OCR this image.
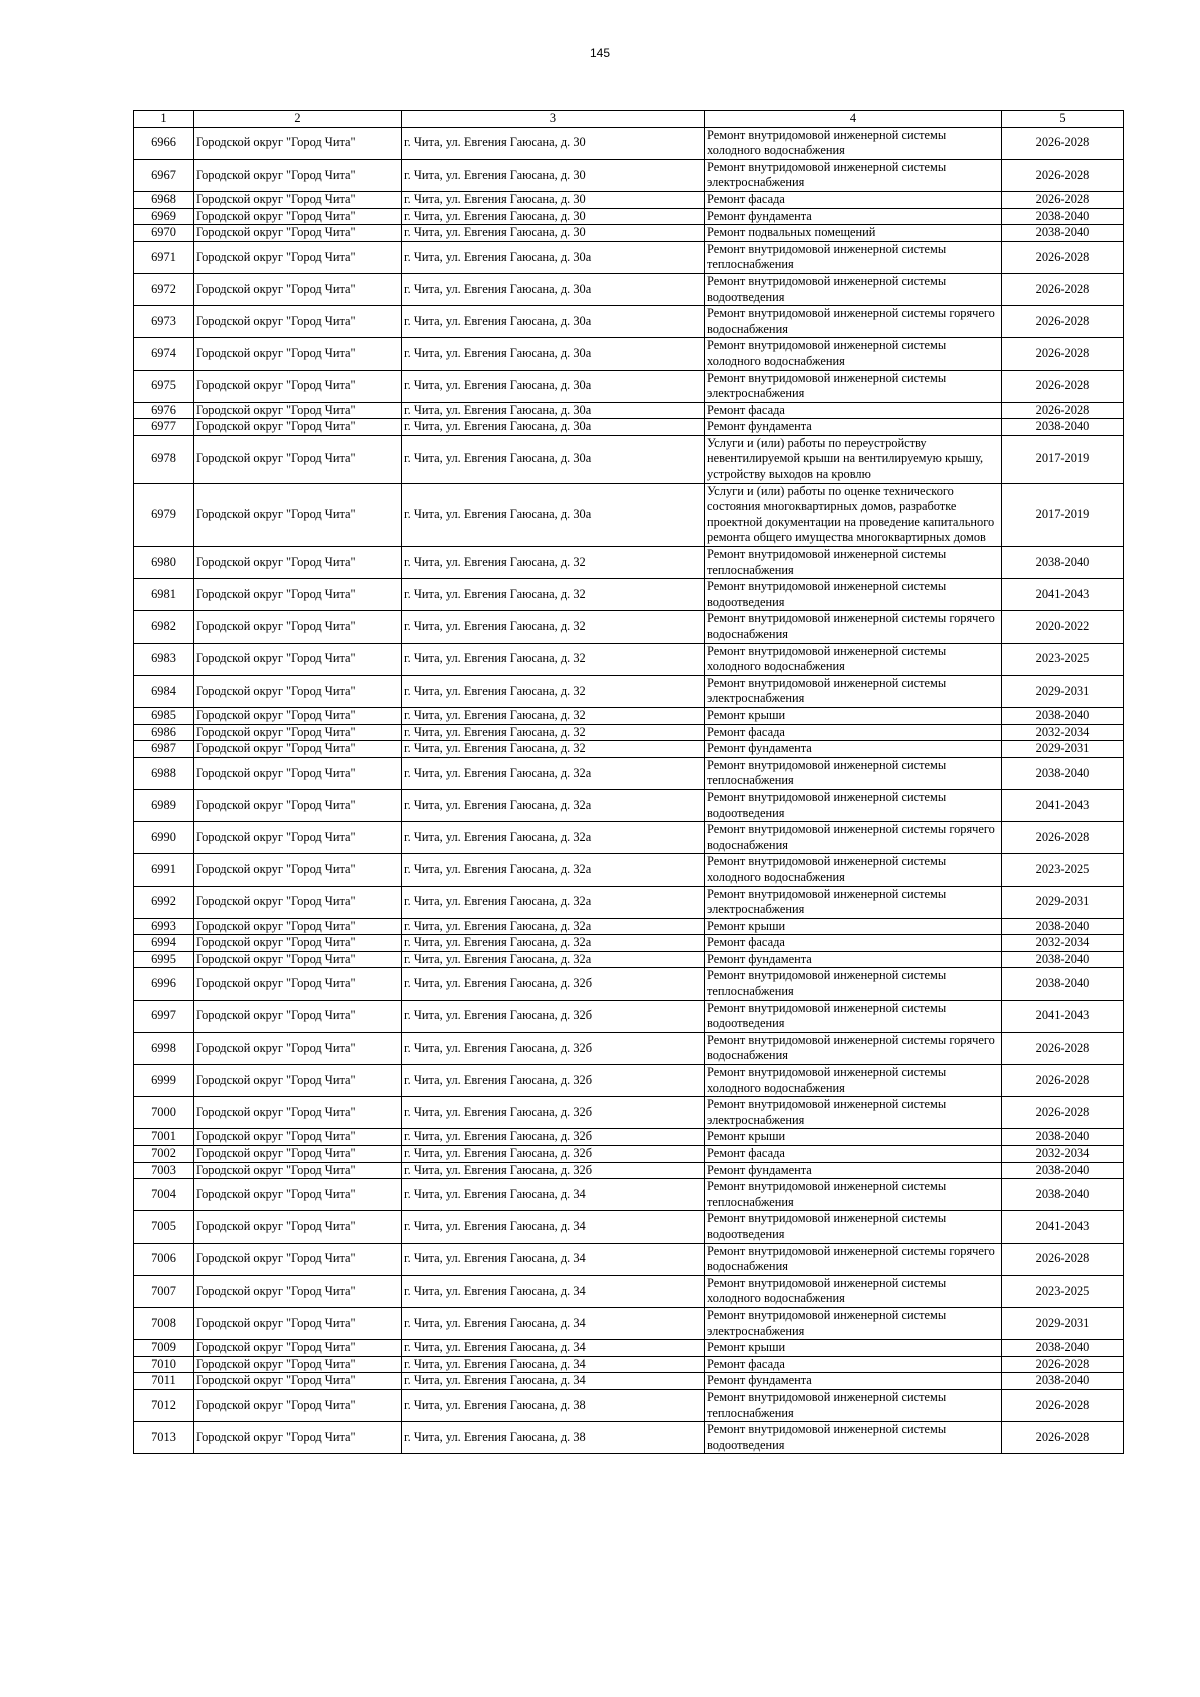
145
1	2	3	4	5
6966	Городской округ "Город Чита"	г. Чита, ул. Евгения Гаюсана, д. 30	Ремонт внутридомовой инженерной системы холодного водоснабжения	2026-2028
6967	Городской округ "Город Чита"	г. Чита, ул. Евгения Гаюсана, д. 30	Ремонт внутридомовой инженерной системы электроснабжения	2026-2028
6968	Городской округ "Город Чита"	г. Чита, ул. Евгения Гаюсана, д. 30	Ремонт фасада	2026-2028
6969	Городской округ "Город Чита"	г. Чита, ул. Евгения Гаюсана, д. 30	Ремонт фундамента	2038-2040
6970	Городской округ "Город Чита"	г. Чита, ул. Евгения Гаюсана, д. 30	Ремонт подвальных помещений	2038-2040
6971	Городской округ "Город Чита"	г. Чита, ул. Евгения Гаюсана, д. 30а	Ремонт внутридомовой инженерной системы теплоснабжения	2026-2028
6972	Городской округ "Город Чита"	г. Чита, ул. Евгения Гаюсана, д. 30а	Ремонт внутридомовой инженерной системы водоотведения	2026-2028
6973	Городской округ "Город Чита"	г. Чита, ул. Евгения Гаюсана, д. 30а	Ремонт внутридомовой инженерной системы горячего водоснабжения	2026-2028
6974	Городской округ "Город Чита"	г. Чита, ул. Евгения Гаюсана, д. 30а	Ремонт внутридомовой инженерной системы холодного водоснабжения	2026-2028
6975	Городской округ "Город Чита"	г. Чита, ул. Евгения Гаюсана, д. 30а	Ремонт внутридомовой инженерной системы электроснабжения	2026-2028
6976	Городской округ "Город Чита"	г. Чита, ул. Евгения Гаюсана, д. 30а	Ремонт фасада	2026-2028
6977	Городской округ "Город Чита"	г. Чита, ул. Евгения Гаюсана, д. 30а	Ремонт фундамента	2038-2040
6978	Городской округ "Город Чита"	г. Чита, ул. Евгения Гаюсана, д. 30а	Услуги и (или) работы по переустройству невентилируемой крыши на вентилируемую крышу, устройству выходов на кровлю	2017-2019
6979	Городской округ "Город Чита"	г. Чита, ул. Евгения Гаюсана, д. 30а	Услуги и (или) работы по оценке технического состояния многоквартирных домов, разработке проектной документации на проведение капитального ремонта общего имущества многоквартирных домов	2017-2019
6980	Городской округ "Город Чита"	г. Чита, ул. Евгения Гаюсана, д. 32	Ремонт внутридомовой инженерной системы теплоснабжения	2038-2040
6981	Городской округ "Город Чита"	г. Чита, ул. Евгения Гаюсана, д. 32	Ремонт внутридомовой инженерной системы водоотведения	2041-2043
6982	Городской округ "Город Чита"	г. Чита, ул. Евгения Гаюсана, д. 32	Ремонт внутридомовой инженерной системы горячего водоснабжения	2020-2022
6983	Городской округ "Город Чита"	г. Чита, ул. Евгения Гаюсана, д. 32	Ремонт внутридомовой инженерной системы холодного водоснабжения	2023-2025
6984	Городской округ "Город Чита"	г. Чита, ул. Евгения Гаюсана, д. 32	Ремонт внутридомовой инженерной системы электроснабжения	2029-2031
6985	Городской округ "Город Чита"	г. Чита, ул. Евгения Гаюсана, д. 32	Ремонт крыши	2038-2040
6986	Городской округ "Город Чита"	г. Чита, ул. Евгения Гаюсана, д. 32	Ремонт фасада	2032-2034
6987	Городской округ "Город Чита"	г. Чита, ул. Евгения Гаюсана, д. 32	Ремонт фундамента	2029-2031
6988	Городской округ "Город Чита"	г. Чита, ул. Евгения Гаюсана, д. 32а	Ремонт внутридомовой инженерной системы теплоснабжения	2038-2040
6989	Городской округ "Город Чита"	г. Чита, ул. Евгения Гаюсана, д. 32а	Ремонт внутридомовой инженерной системы водоотведения	2041-2043
6990	Городской округ "Город Чита"	г. Чита, ул. Евгения Гаюсана, д. 32а	Ремонт внутридомовой инженерной системы горячего водоснабжения	2026-2028
6991	Городской округ "Город Чита"	г. Чита, ул. Евгения Гаюсана, д. 32а	Ремонт внутридомовой инженерной системы холодного водоснабжения	2023-2025
6992	Городской округ "Город Чита"	г. Чита, ул. Евгения Гаюсана, д. 32а	Ремонт внутридомовой инженерной системы электроснабжения	2029-2031
6993	Городской округ "Город Чита"	г. Чита, ул. Евгения Гаюсана, д. 32а	Ремонт крыши	2038-2040
6994	Городской округ "Город Чита"	г. Чита, ул. Евгения Гаюсана, д. 32а	Ремонт фасада	2032-2034
6995	Городской округ "Город Чита"	г. Чита, ул. Евгения Гаюсана, д. 32а	Ремонт фундамента	2038-2040
6996	Городской округ "Город Чита"	г. Чита, ул. Евгения Гаюсана, д. 32б	Ремонт внутридомовой инженерной системы теплоснабжения	2038-2040
6997	Городской округ "Город Чита"	г. Чита, ул. Евгения Гаюсана, д. 32б	Ремонт внутридомовой инженерной системы водоотведения	2041-2043
6998	Городской округ "Город Чита"	г. Чита, ул. Евгения Гаюсана, д. 32б	Ремонт внутридомовой инженерной системы горячего водоснабжения	2026-2028
6999	Городской округ "Город Чита"	г. Чита, ул. Евгения Гаюсана, д. 32б	Ремонт внутридомовой инженерной системы холодного водоснабжения	2026-2028
7000	Городской округ "Город Чита"	г. Чита, ул. Евгения Гаюсана, д. 32б	Ремонт внутридомовой инженерной системы электроснабжения	2026-2028
7001	Городской округ "Город Чита"	г. Чита, ул. Евгения Гаюсана, д. 32б	Ремонт крыши	2038-2040
7002	Городской округ "Город Чита"	г. Чита, ул. Евгения Гаюсана, д. 32б	Ремонт фасада	2032-2034
7003	Городской округ "Город Чита"	г. Чита, ул. Евгения Гаюсана, д. 32б	Ремонт фундамента	2038-2040
7004	Городской округ "Город Чита"	г. Чита, ул. Евгения Гаюсана, д. 34	Ремонт внутридомовой инженерной системы теплоснабжения	2038-2040
7005	Городской округ "Город Чита"	г. Чита, ул. Евгения Гаюсана, д. 34	Ремонт внутридомовой инженерной системы водоотведения	2041-2043
7006	Городской округ "Город Чита"	г. Чита, ул. Евгения Гаюсана, д. 34	Ремонт внутридомовой инженерной системы горячего водоснабжения	2026-2028
7007	Городской округ "Город Чита"	г. Чита, ул. Евгения Гаюсана, д. 34	Ремонт внутридомовой инженерной системы холодного водоснабжения	2023-2025
7008	Городской округ "Город Чита"	г. Чита, ул. Евгения Гаюсана, д. 34	Ремонт внутридомовой инженерной системы электроснабжения	2029-2031
7009	Городской округ "Город Чита"	г. Чита, ул. Евгения Гаюсана, д. 34	Ремонт крыши	2038-2040
7010	Городской округ "Город Чита"	г. Чита, ул. Евгения Гаюсана, д. 34	Ремонт фасада	2026-2028
7011	Городской округ "Город Чита"	г. Чита, ул. Евгения Гаюсана, д. 34	Ремонт фундамента	2038-2040
7012	Городской округ "Город Чита"	г. Чита, ул. Евгения Гаюсана, д. 38	Ремонт внутридомовой инженерной системы теплоснабжения	2026-2028
7013	Городской округ "Город Чита"	г. Чита, ул. Евгения Гаюсана, д. 38	Ремонт внутридомовой инженерной системы водоотведения	2026-2028
